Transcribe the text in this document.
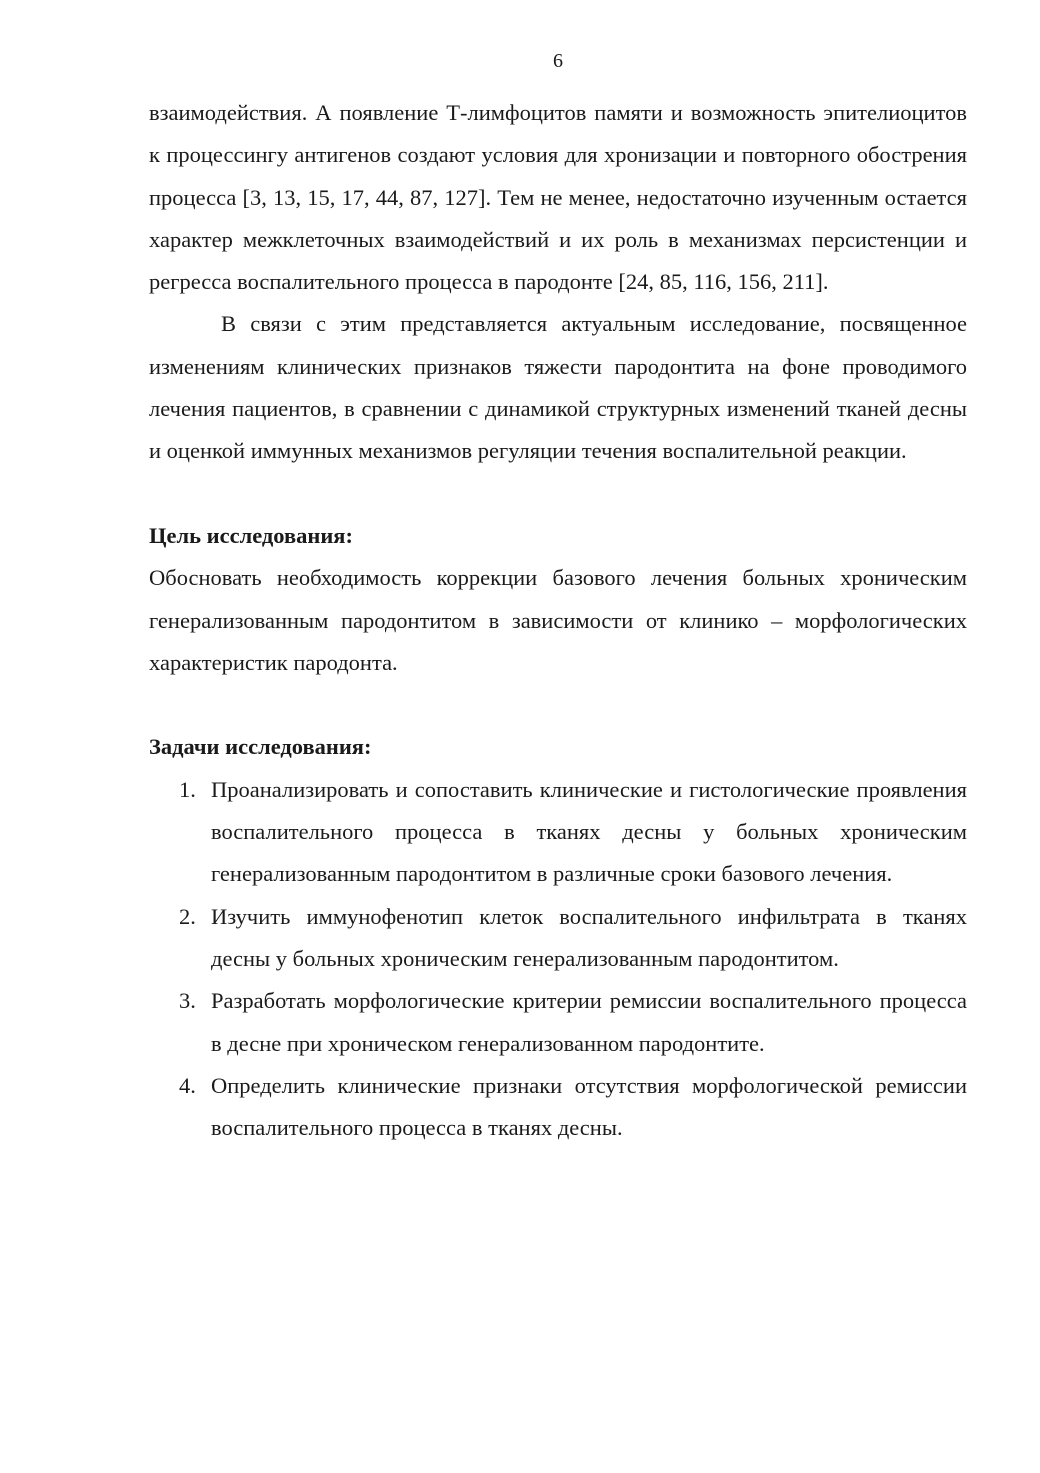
6

взаимодействия. А появление Т-лимфоцитов памяти и возможность эпителиоцитов к процессингу антигенов создают условия для хронизации и повторного обострения процесса [3, 13, 15, 17, 44, 87, 127]. Тем не менее, недостаточно изученным остается характер межклеточных взаимодействий и их роль в механизмах персистенции и регресса воспалительного процесса в пародонте [24, 85, 116, 156, 211].

В связи с этим представляется актуальным исследование, посвященное изменениям клинических признаков тяжести пародонтита на фоне проводимого лечения пациентов, в сравнении с динамикой структурных изменений тканей десны и оценкой иммунных механизмов регуляции течения воспалительной реакции.

Цель исследования:

Обосновать необходимость коррекции базового лечения больных хроническим генерализованным пародонтитом в зависимости от клинико – морфологических характеристик пародонта.

Задачи исследования:
1. Проанализировать и сопоставить клинические и гистологические проявления воспалительного процесса в тканях десны у больных хроническим генерализованным пародонтитом в различные сроки базового лечения.
2. Изучить иммунофенотип клеток воспалительного инфильтрата в тканях десны у больных хроническим генерализованным пародонтитом.
3. Разработать морфологические критерии ремиссии воспалительного процесса в десне при хроническом генерализованном пародонтите.
4. Определить клинические признаки отсутствия морфологической ремиссии воспалительного процесса в тканях десны.
